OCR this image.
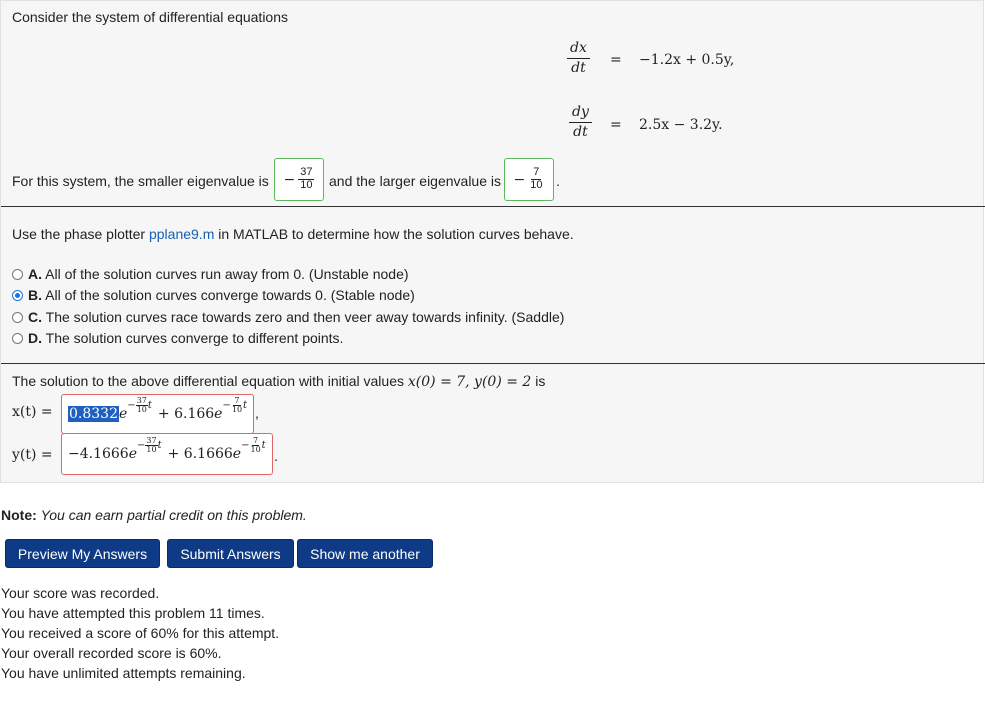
Consider the system of differential equations
$\frac{dx}{dt} = -1.2x + 0.5y$,
$\frac{dy}{dt} = 2.5x - 3.2y$.
For this system, the smaller eigenvalue is − $\frac{37}{10}$ and the larger eigenvalue is − $\frac{7}{10}$ .
Use the phase plotter pplane9.m in MATLAB to determine how the solution curves behave.
A. All of the solution curves run away from 0. (Unstable node)
B. All of the solution curves converge towards 0. (Stable node)
C. The solution curves race towards zero and then veer away towards infinity. (Saddle)
D. The solution curves converge to different points.
The solution to the above differential equation with initial values x(0) = 7, y(0) = 2 is
x(t) = 0.8332e
− $\frac{37}{10}$ t
+ 6.166 e
− $\frac{7}{10}$ t ,
y(t) = −4.1666e
− $\frac{37}{10}$ t
+ 6.1666 e
− $\frac{7}{10}$ t
.
Note: You can earn partial credit on this problem.
Preview My Answers	Submit Answers	Show me another
Your score was recorded.
You have attempted this problem 11 times.
You received a score of 60% for this attempt.
Your overall recorded score is 60%.
You have unlimited attempts remaining.
